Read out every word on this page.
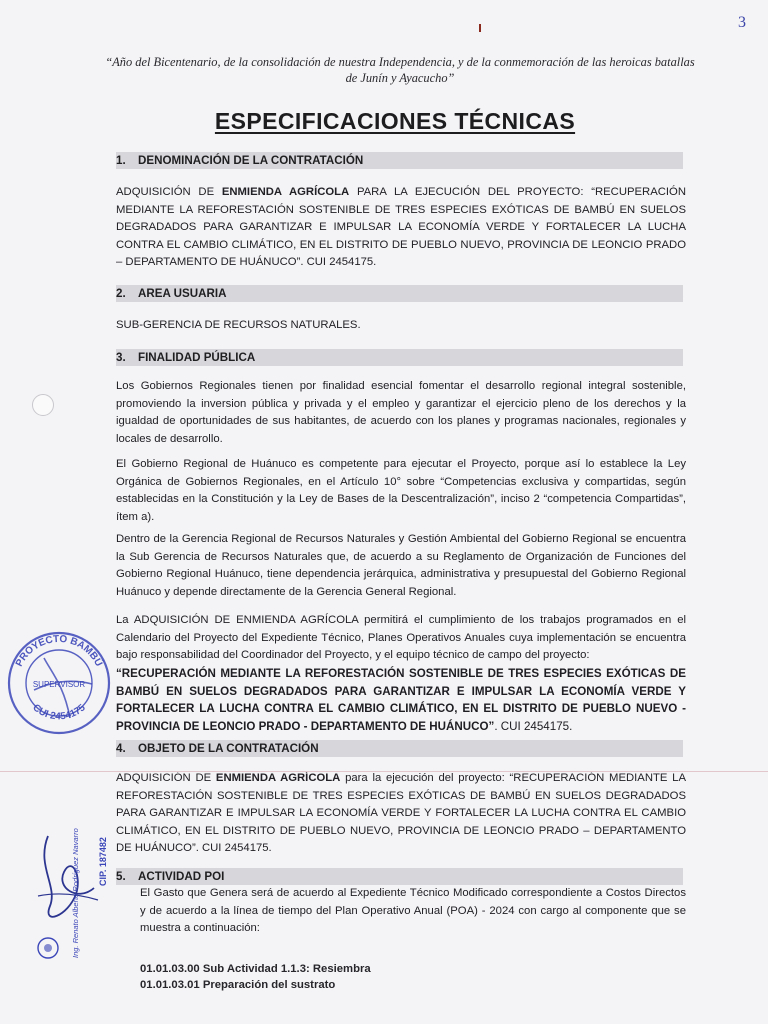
3
“Año del Bicentenario, de la consolidación de nuestra Independencia, y de la conmemoración de las heroicas batallas de Junín y Ayacucho”
ESPECIFICACIONES TÉCNICAS
1. DENOMINACIÓN DE LA CONTRATACIÓN
ADQUISICIÓN DE ENMIENDA AGRÍCOLA PARA LA EJECUCIÓN DEL PROYECTO: “RECUPERACIÓN MEDIANTE LA REFORESTACIÓN SOSTENIBLE DE TRES ESPECIES EXÓTICAS DE BAMBÚ EN SUELOS DEGRADADOS PARA GARANTIZAR E IMPULSAR LA ECONOMÍA VERDE Y FORTALECER LA LUCHA CONTRA EL CAMBIO CLIMÁTICO, EN EL DISTRITO DE PUEBLO NUEVO, PROVINCIA DE LEONCIO PRADO – DEPARTAMENTO DE HUÁNUCO”. CUI 2454175.
2. AREA USUARIA
SUB-GERENCIA DE RECURSOS NATURALES.
3. FINALIDAD PÚBLICA
Los Gobiernos Regionales tienen por finalidad esencial fomentar el desarrollo regional integral sostenible, promoviendo la inversion pública y privada y el empleo y garantizar el ejercicio pleno de los derechos y la igualdad de oportunidades de sus habitantes, de acuerdo con los planes y programas nacionales, regionales y locales de desarrollo.
El Gobierno Regional de Huánuco es competente para ejecutar el Proyecto, porque así lo establece la Ley Orgánica de Gobiernos Regionales, en el Artículo 10° sobre “Competencias exclusiva y compartidas, según establecidas en la Constitución y la Ley de Bases de la Descentralización”, inciso 2 “competencia Compartidas”, ítem a).
Dentro de la Gerencia Regional de Recursos Naturales y Gestión Ambiental del Gobierno Regional se encuentra la Sub Gerencia de Recursos Naturales que, de acuerdo a su Reglamento de Organización de Funciones del Gobierno Regional Huánuco, tiene dependencia jerárquica, administrativa y presupuestal del Gobierno Regional Huánuco y depende directamente de la Gerencia General Regional.
La ADQUISICIÓN DE ENMIENDA AGRÍCOLA permitirá el cumplimiento de los trabajos programados en el Calendario del Proyecto del Expediente Técnico, Planes Operativos Anuales cuya implementación se encuentra bajo responsabilidad del Coordinador del Proyecto, y el equipo técnico de campo del proyecto:
“RECUPERACIÓN MEDIANTE LA REFORESTACIÓN SOSTENIBLE DE TRES ESPECIES EXÓTICAS DE BAMBÚ EN SUELOS DEGRADADOS PARA GARANTIZAR E IMPULSAR LA ECONOMÍA VERDE Y FORTALECER LA LUCHA CONTRA EL CAMBIO CLIMÁTICO, EN EL DISTRITO DE PUEBLO NUEVO - PROVINCIA DE LEONCIO PRADO - DEPARTAMENTO DE HUÁNUCO”. CUI 2454175.
4. OBJETO DE LA CONTRATACIÓN
ADQUISICIÓN DE ENMIENDA AGRÍCOLA para la ejecución del proyecto: “RECUPERACIÓN MEDIANTE LA REFORESTACIÓN SOSTENIBLE DE TRES ESPECIES EXÓTICAS DE BAMBÚ EN SUELOS DEGRADADOS PARA GARANTIZAR E IMPULSAR LA ECONOMÍA VERDE Y FORTALECER LA LUCHA CONTRA EL CAMBIO CLIMÁTICO, EN EL DISTRITO DE PUEBLO NUEVO, PROVINCIA DE LEONCIO PRADO – DEPARTAMENTO DE HUÁNUCO”. CUI 2454175.
5. ACTIVIDAD POI
El Gasto que Genera será de acuerdo al Expediente Técnico Modificado correspondiente a Costos Directos y de acuerdo a la línea de tiempo del Plan Operativo Anual (POA) - 2024 con cargo al componente que se muestra a continuación:
01.01.03.00 Sub Actividad 1.1.3: Resiembra
01.01.03.01 Preparación del sustrato
PROYECTO BAMBÚ
CUI 2454175
SUPERVISOR
Ing. Renato Alberto Rodríguez Navarro CIP. 187482
